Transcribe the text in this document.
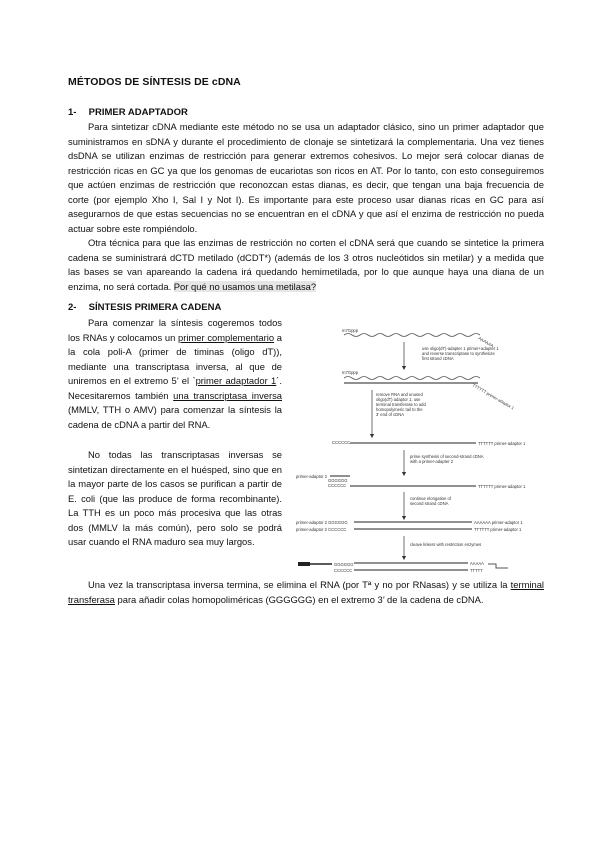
MÉTODOS DE SÍNTESIS DE cDNA
1- PRIMER ADAPTADOR

Para sintetizar cDNA mediante este método no se usa un adaptador clásico, sino un primer adaptador que suministramos en sDNA y durante el procedimiento de clonaje se sintetizará la complementaria. Una vez tienes dsDNA se utilizan enzimas de restricción para generar extremos cohesivos. Lo mejor será colocar dianas de restricción ricas en GC ya que los genomas de eucariotas son ricos en AT. Por lo tanto, con esto conseguiremos que actúen enzimas de restricción que reconozcan estas dianas, es decir, que tengan una baja frecuencia de corte (por ejemplo Xho I, Sal I y Not I). Es importante para este proceso usar dianas ricas en GC para así asegurarnos de que estas secuencias no se encuentran en el cDNA y que así el enzima de restricción no pueda actuar sobre este rompiéndolo.

Otra técnica para que las enzimas de restricción no corten el cDNA será que cuando se sintetice la primera cadena se suministrará dCTD metilado (dCDT*) (además de los 3 otros nucleótidos sin metilar) y a medida que las bases se van apareando la cadena irá quedando hemimetilada, por lo que aunque haya una diana de un enzima, no será cortada. Por qué no usamos una metilasa?

2- SÍNTESIS PRIMERA CADENA

Para comenzar la síntesis cogeremos todos los RNAs y colocamos un primer complementario a la cola poli-A (primer de timinas (oligo dT)), mediante una transcriptasa inversa, al que de uniremos en el extremo 5’ el `primer adaptador 1´. Necesitaremos también una transcriptasa inversa (MMLV, TTH o AMV) para comenzar la síntesis la cadena de cDNA a partir del RNA.

No todas las transcriptasas inversas se sintetizan directamente en el huésped, sino que en la mayor parte de los casos se purifican a partir de E. coli (que las produce de forma recombinante). La TTH es un poco más procesiva que las otras dos (MMLV la más común), pero solo se podrá usar cuando el RNA maduro sea muy largos.

Una vez la transcriptasa inversa termina, se elimina el RNA (por Tª y no por RNasas) y se utiliza la terminal transferasa para añadir colas homopoliméricas (GGGGGG) en el extremo 3’ de la cadena de cDNA.

m7Gppp
AAAAAA
use oligo(dT)-adapter 1 primer+adapter 1 and reverse transcriptase to synthesize first strand cDNA
m7Gppp
TTTTTT primer-adaptor 1
remove RNA and unused oligo(dT) adaptor 1; use terminal transferase to add homopolymeric tail to the 3' end of cDNA
CCCCCC	TTTTTT primer-adaptor 1
prime synthesis of second-strand cDNA with a primer-adapter 2
primer-adaptor 2
GGGGGG
CCCCCC	TTTTTT primer-adaptor 1
continue elongation of second strand cDNA
primer-adaptor 2 GGGGGG	AAAAAA primer-adaptor 1
primer-adaptor 2 CCCCCC	TTTTTT primer-adaptor 1
cleave linkers with restriction enzymes
GGGGGG
CCCCCC
AAAAA
TTTTT
